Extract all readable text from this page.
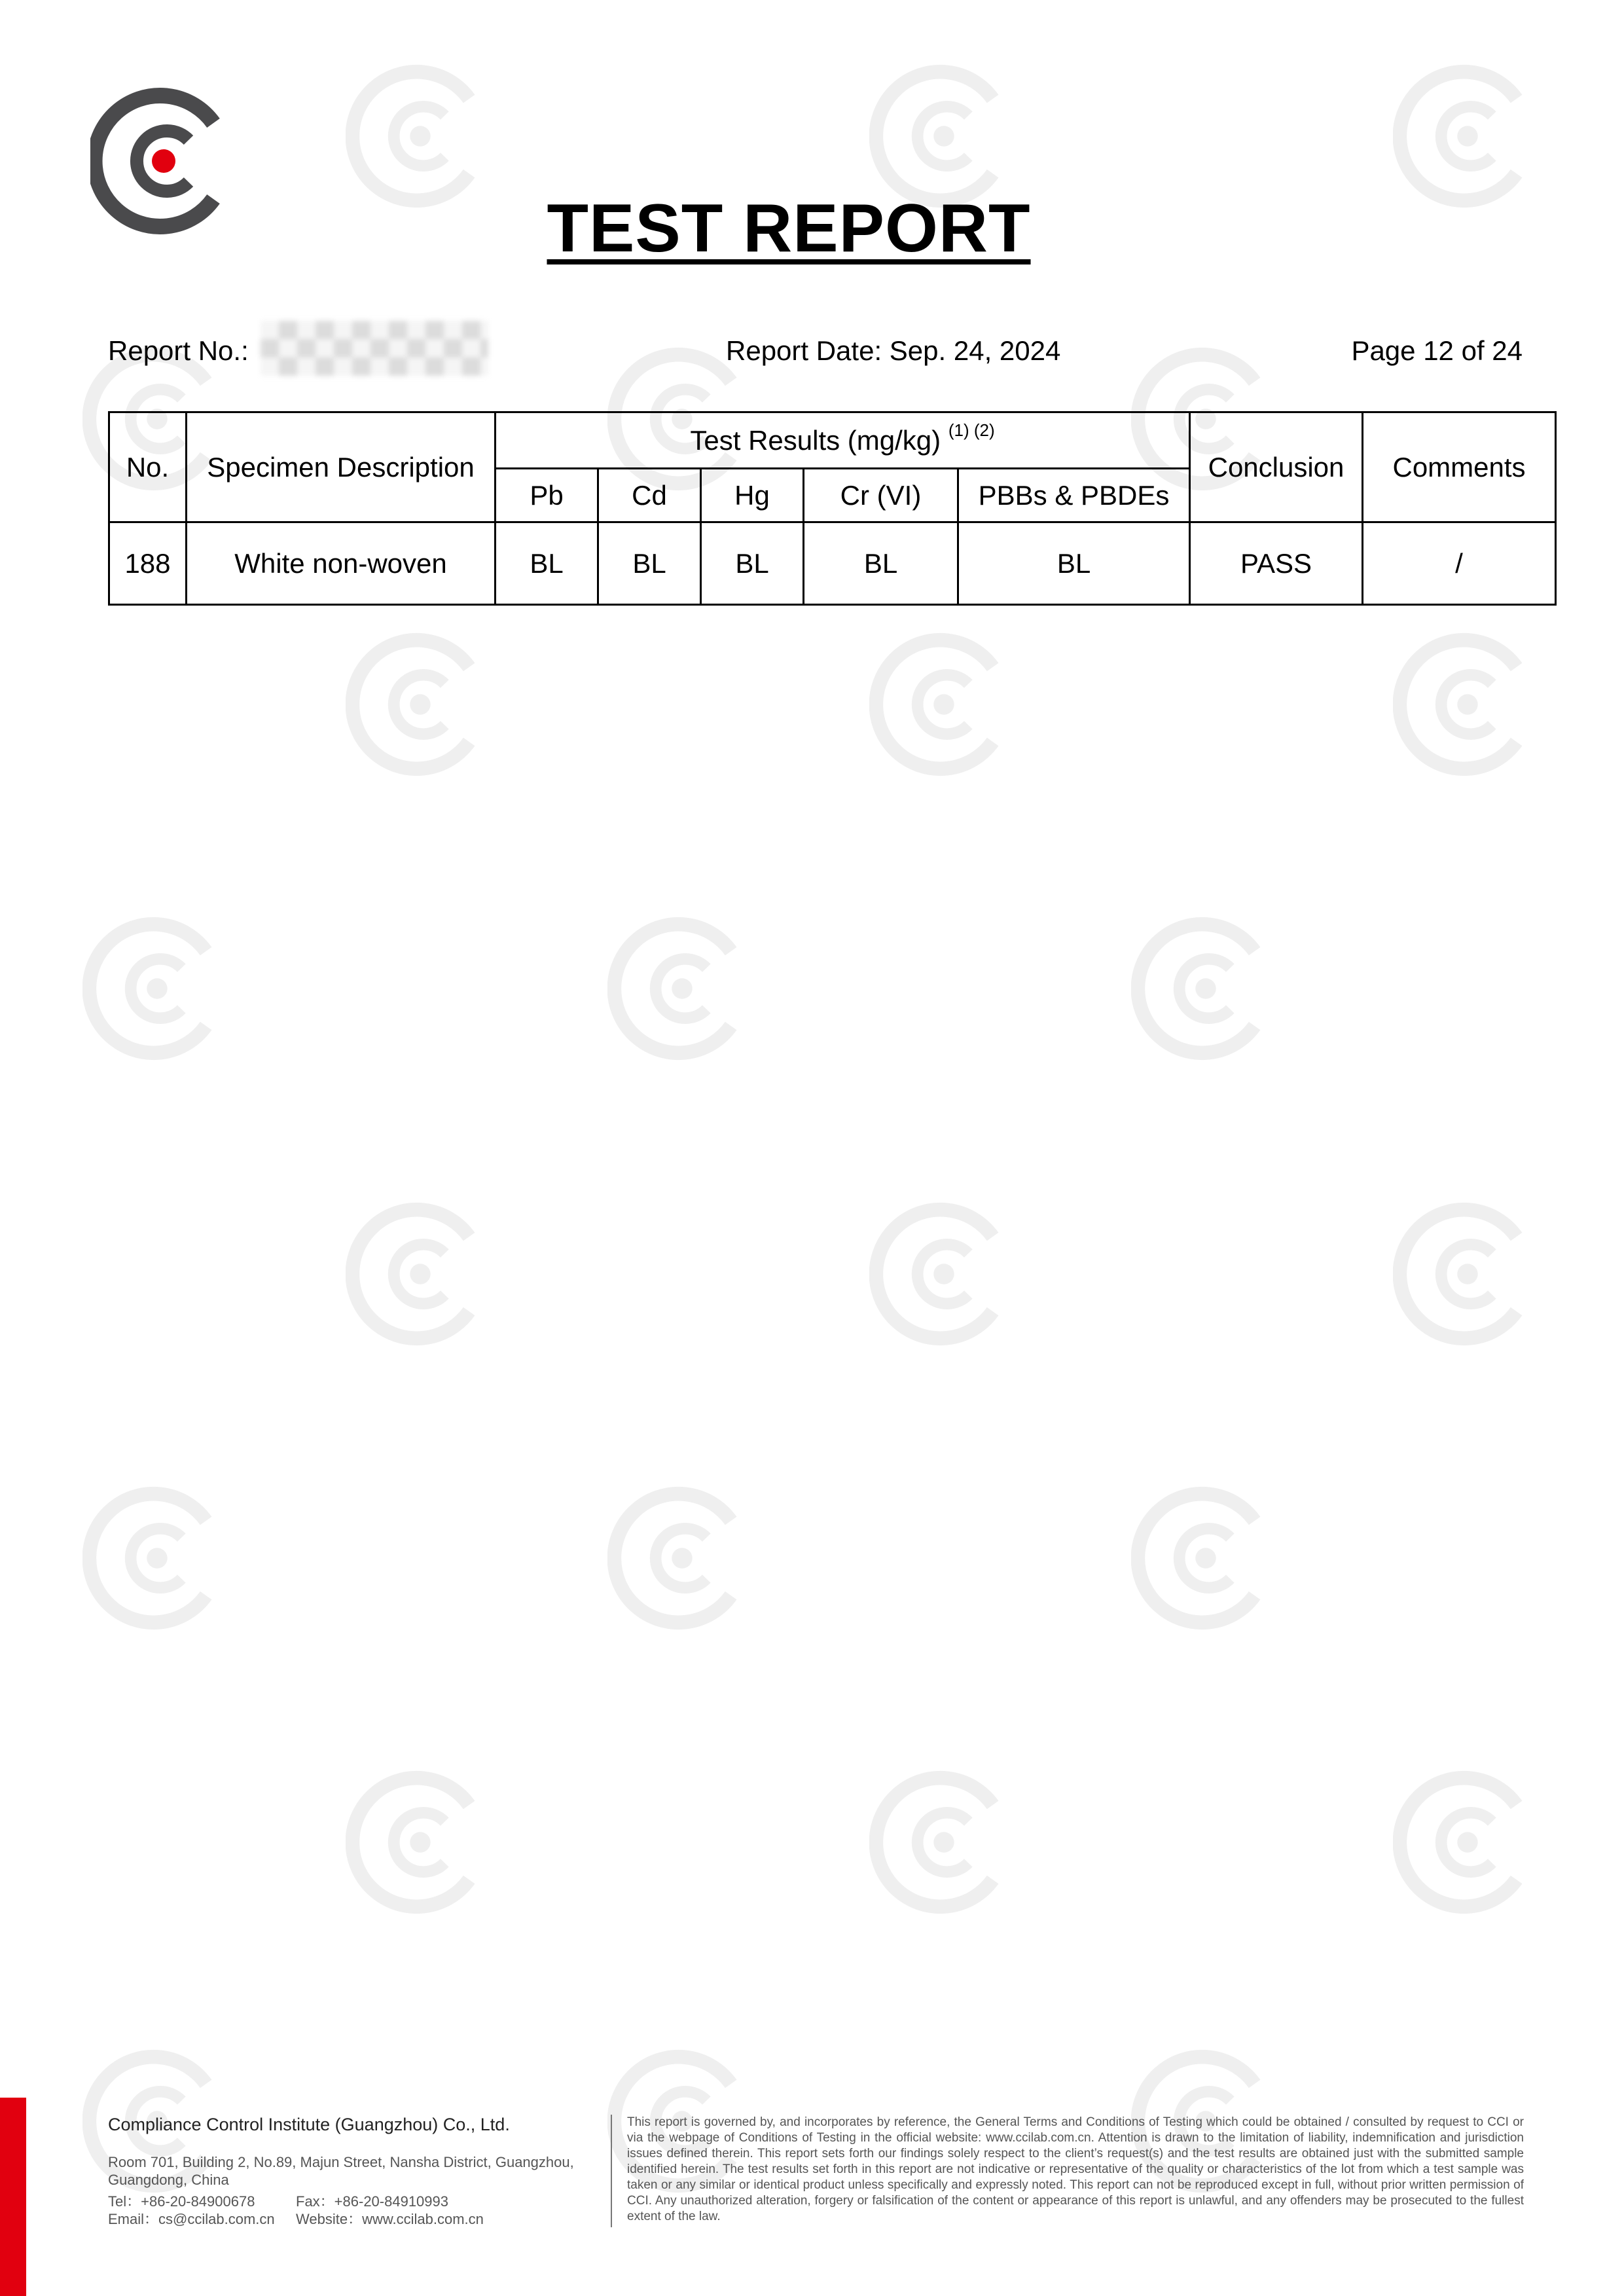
TEST REPORT
Report No.:	Report Date: Sep. 24, 2024	Page 12 of 24
No.	Specimen Description	Test Results (mg/kg) $^{(1) (2)}$					Conclusion	Comments
		Pb	Cd	Hg	Cr (VI)	PBBs & PBDEs		
188	White non-woven	BL	BL	BL	BL	BL	PASS	/
Compliance Control Institute (Guangzhou) Co., Ltd.
Room 701, Building 2, No.89, Majun Street, Nansha District, Guangzhou,
Guangdong, China
Tel：+86-20-84900678	Fax：+86-20-84910993
Email：cs@ccilab.com.cn Website：www.ccilab.com.cn
This report is governed by, and incorporates by reference, the General Terms and Conditions of Testing which could be obtained / consulted by request to CCI or via the webpage of Conditions of Testing in the official website: www.ccilab.com.cn. Attention is drawn to the limitation of liability, indemnification and jurisdiction issues defined therein. This report sets forth our findings solely respect to the client’s request(s) and the test results are obtained just with the submitted sample identified herein. The test results set forth in this report are not indicative or representative of the quality or characteristics of the lot from which a test sample was taken or any similar or identical product unless specifically and expressly noted. This report can not be reproduced except in full, without prior written permission of CCI. Any unauthorized alteration, forgery or falsification of the content or appearance of this report is unlawful, and any offenders may be prosecuted to the fullest extent of the law.
